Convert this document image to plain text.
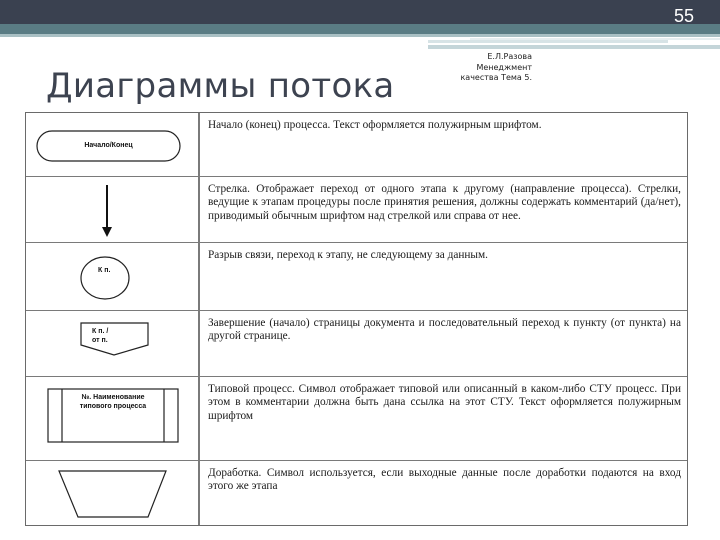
55
Е.Л.Разова
Менеджмент
качества Тема 5.
Диаграммы потока
Начало/Конец
Начало (конец) процесса. Текст оформляется полужирным шрифтом.
Стрелка. Отображает переход от одного этапа к другому (направление процесса). Стрелки, ведущие к этапам процедуры после принятия решения, должны содержать комментарий (да/нет), приводимый обычным шрифтом над стрелкой или справа от нее.
К п.
Разрыв связи, переход к этапу, не следующему за данным.
К п. /
от п.
Завершение (начало) страницы документа и последовательный переход к пункту (от пункта) на другой странице.
№. Наименование
типового процесса
Типовой процесс. Символ отображает типовой или описанный в каком-либо СТУ процесс. При этом в комментарии должна быть дана ссылка на этот СТУ. Текст оформляется полужирным шрифтом
Доработка. Символ используется, если выходные данные после доработки подаются на вход этого же этапа
